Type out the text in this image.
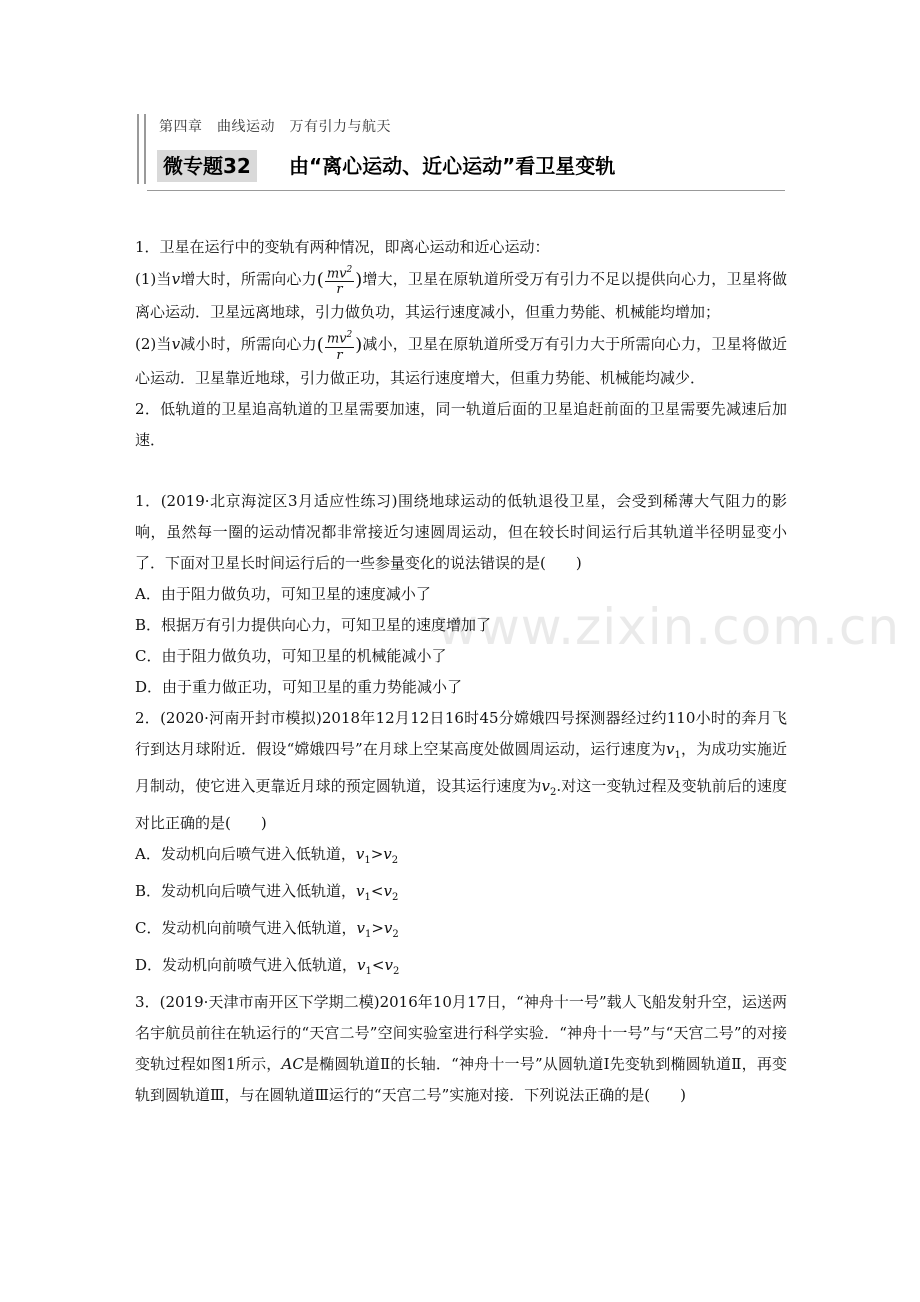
第四章　曲线运动　万有引力与航天
微专题32	由“离心运动、近心运动”看卫星变轨
www.zixin.com.cn

1．卫星在运行中的变轨有两种情况，即离心运动和近心运动：

(1)当v增大时，所需向心力( $\frac{mv^2}{r}$ )增大，卫星在原轨道所受万有引力不足以提供向心力，卫星将做离心运动．卫星远离地球，引力做负功，其运行速度减小，但重力势能、机械能均增加；

(2)当v减小时，所需向心力( $\frac{mv^2}{r}$ )减小，卫星在原轨道所受万有引力大于所需向心力，卫星将做近心运动．卫星靠近地球，引力做正功，其运行速度增大，但重力势能、机械能均减少．

2．低轨道的卫星追高轨道的卫星需要加速，同一轨道后面的卫星追赶前面的卫星需要先减速后加速．

1．(2019·北京海淀区3月适应性练习)围绕地球运动的低轨退役卫星，会受到稀薄大气阻力的影响，虽然每一圈的运动情况都非常接近匀速圆周运动，但在较长时间运行后其轨道半径明显变小了．下面对卫星长时间运行后的一些参量变化的说法错误的是(　　)

A．由于阻力做负功，可知卫星的速度减小了

B．根据万有引力提供向心力，可知卫星的速度增加了

C．由于阻力做负功，可知卫星的机械能减小了

D．由于重力做正功，可知卫星的重力势能减小了

2．(2020·河南开封市模拟)2018年12月12日16时45分嫦娥四号探测器经过约110小时的奔月飞行到达月球附近．假设“嫦娥四号”在月球上空某高度处做圆周运动，运行速度为$v_1$，为成功实施近月制动，使它进入更靠近月球的预定圆轨道，设其运行速度为$v_2$.对这一变轨过程及变轨前后的速度对比正确的是(　　)

A．发动机向后喷气进入低轨道，$v_1>v_2$

B．发动机向后喷气进入低轨道，$v_1<v_2$

C．发动机向前喷气进入低轨道，$v_1>v_2$

D．发动机向前喷气进入低轨道，$v_1<v_2$

3．(2019·天津市南开区下学期二模)2016年10月17日，“神舟十一号”载人飞船发射升空，运送两名宇航员前往在轨运行的“天宫二号”空间实验室进行科学实验．“神舟十一号”与“天宫二号”的对接变轨过程如图1所示，AC是椭圆轨道Ⅱ的长轴．“神舟十一号”从圆轨道Ⅰ先变轨到椭圆轨道Ⅱ，再变轨到圆轨道Ⅲ，与在圆轨道Ⅲ运行的“天宫二号”实施对接．下列说法正确的是(　　)
